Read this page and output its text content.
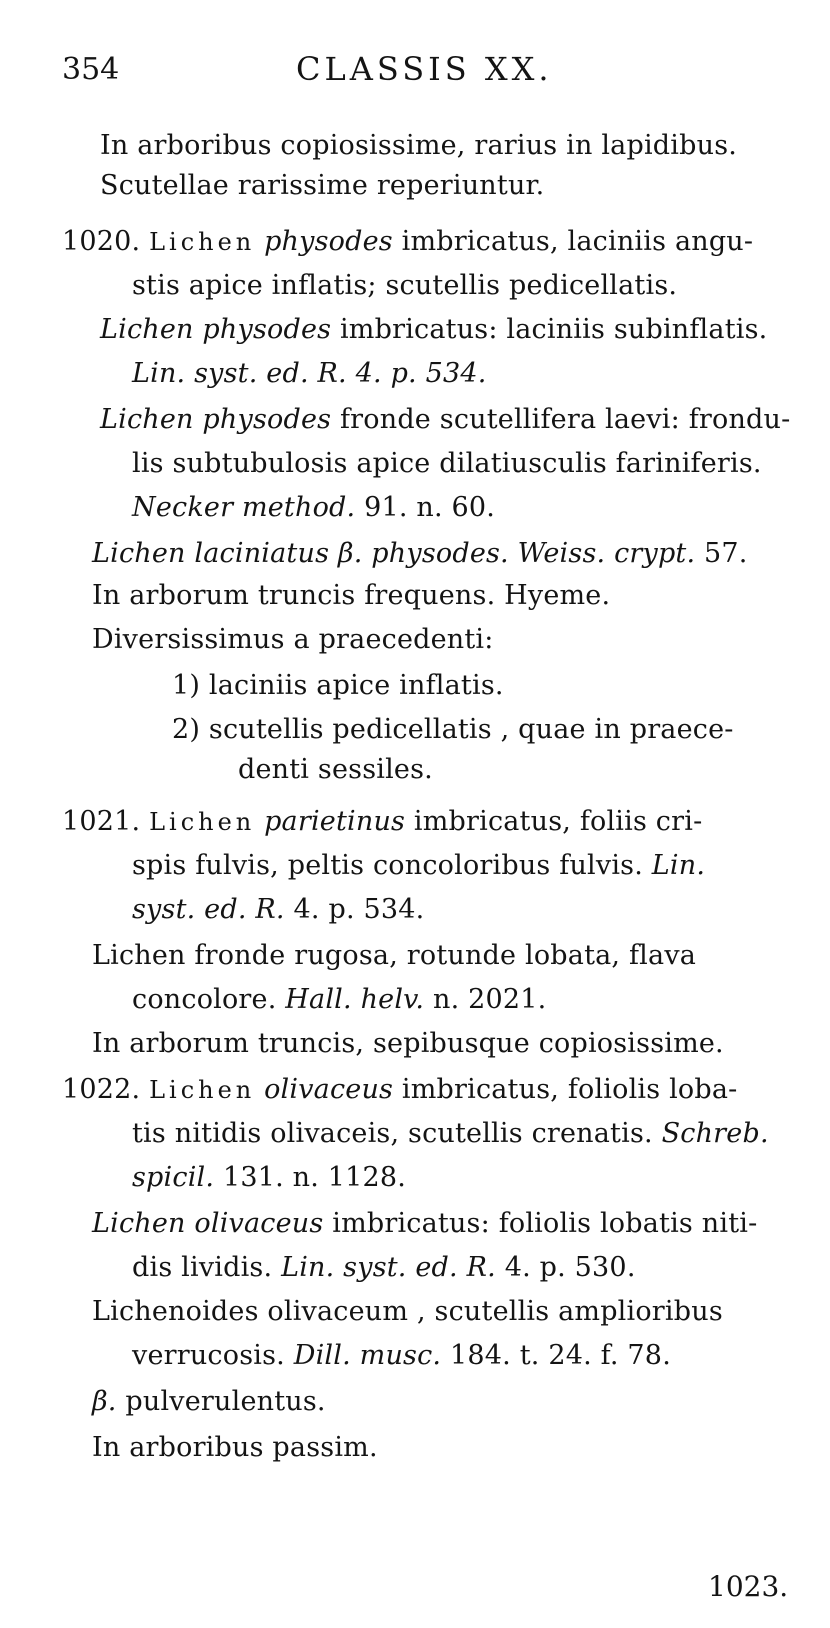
354	CLASSIS XX.
In arboribus copiosissime, rarius in lapidibus.
Scutellae rarissime reperiuntur.
1020. Lichen physodes imbricatus, laciniis angu-
stis apice inflatis; scutellis pedicellatis.
Lichen physodes imbricatus: laciniis subinflatis.
Lin. syst. ed. R. 4. p. 534.
Lichen physodes fronde scutellifera laevi: frondu-
lis subtubulosis apice dilatiusculis fariniferis.
Necker method. 91. n. 60.
Lichen laciniatus β. physodes. Weiss. crypt. 57.
In arborum truncis frequens. Hyeme.
Diversissimus a praecedenti:
1) laciniis apice inflatis.
2) scutellis pedicellatis , quae in praece-
denti sessiles.
1021. Lichen parietinus imbricatus, foliis cri-
spis fulvis, peltis concoloribus fulvis. Lin.
syst. ed. R. 4. p. 534.
Lichen fronde rugosa, rotunde lobata, flava
concolore. Hall. helv. n. 2021.
In arborum truncis, sepibusque copiosissime.
1022. Lichen olivaceus imbricatus, foliolis loba-
tis nitidis olivaceis, scutellis crenatis. Schreb.
spicil. 131. n. 1128.
Lichen olivaceus imbricatus: foliolis lobatis niti-
dis lividis. Lin. syst. ed. R. 4. p. 530.
Lichenoides olivaceum , scutellis amplioribus
verrucosis. Dill. musc. 184. t. 24. f. 78.
β. pulverulentus.
In arboribus passim.
1023.
